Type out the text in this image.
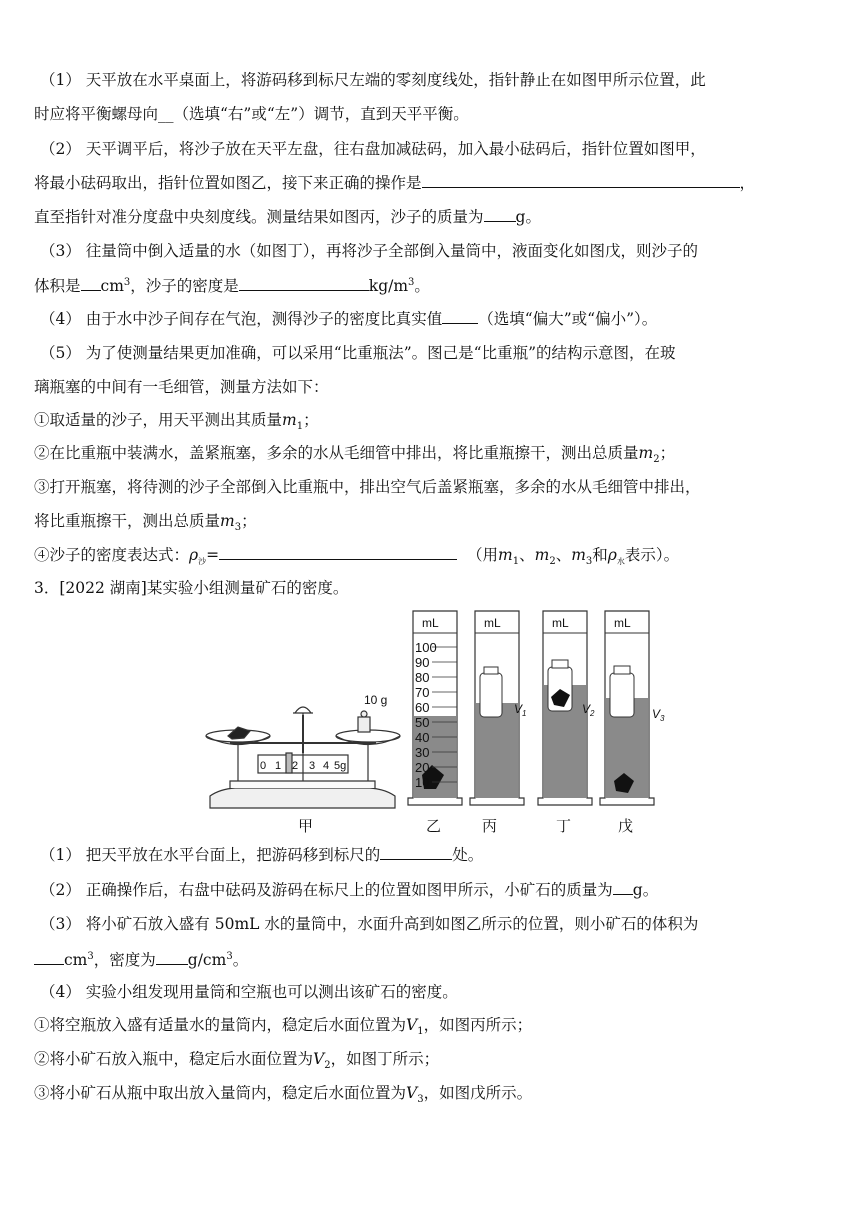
（1） 天平放在水平桌面上，将游码移到标尺左端的零刻度线处，指针静止在如图甲所示位置，此
时应将平衡螺母向__（选填“右”或“左”）调节，直到天平平衡。
（2） 天平调平后，将沙子放在天平左盘，往右盘加减砝码，加入最小砝码后，指针位置如图甲，
将最小砝码取出，指针位置如图乙，接下来正确的操作是	，
直至指针对准分度盘中央刻度线。测量结果如图丙，沙子的质量为 g。
（3） 往量筒中倒入适量的水（如图丁），再将沙子全部倒入量筒中，液面变化如图戊，则沙子的
体积是 $cm^3$，沙子的密度是	$kg/m^3$。
（4） 由于水中沙子间存在气泡，测得沙子的密度比真实值 （选填“偏大”或“偏小”）。
（5） 为了使测量结果更加准确，可以采用“比重瓶法”。图己是“比重瓶”的结构示意图，在玻
璃瓶塞的中间有一毛细管，测量方法如下：
①取适量的沙子，用天平测出其质量$m_1$；
②在比重瓶中装满水，盖紧瓶塞，多余的水从毛细管中排出，将比重瓶擦干，测出总质量$m_2$；
③打开瓶塞，将待测的沙子全部倒入比重瓶中，排出空气后盖紧瓶塞，多余的水从毛细管中排出，
将比重瓶擦干，测出总质量$m_3$；
④沙子的密度表达式：$\rho_沙=$	（用$m_1$、$m_2$、$m_3$和$\rho_水$表示）。
3．[2022 湖南]某实验小组测量矿石的密度。
10 g
0 1 2 3 4 5g
mL
100
90
80
70
60
50
40
30
20
10
mL
$V_1$
mL
$V_2$
mL
$V_3$
甲	乙	丙	丁	戊
（1） 把天平放在水平台面上，把游码移到标尺的	处。
（2） 正确操作后，右盘中砝码及游码在标尺上的位置如图甲所示，小矿石的质量为 g。
（3） 将小矿石放入盛有 50mL 水的量筒中，水面升高到如图乙所示的位置，则小矿石的体积为
$cm^3$，密度为 $g/cm^3$。
（4） 实验小组发现用量筒和空瓶也可以测出该矿石的密度。
①将空瓶放入盛有适量水的量筒内，稳定后水面位置为$V_1$，如图丙所示；
②将小矿石放入瓶中，稳定后水面位置为$V_2$，如图丁所示；
③将小矿石从瓶中取出放入量筒内，稳定后水面位置为$V_3$，如图戊所示。
